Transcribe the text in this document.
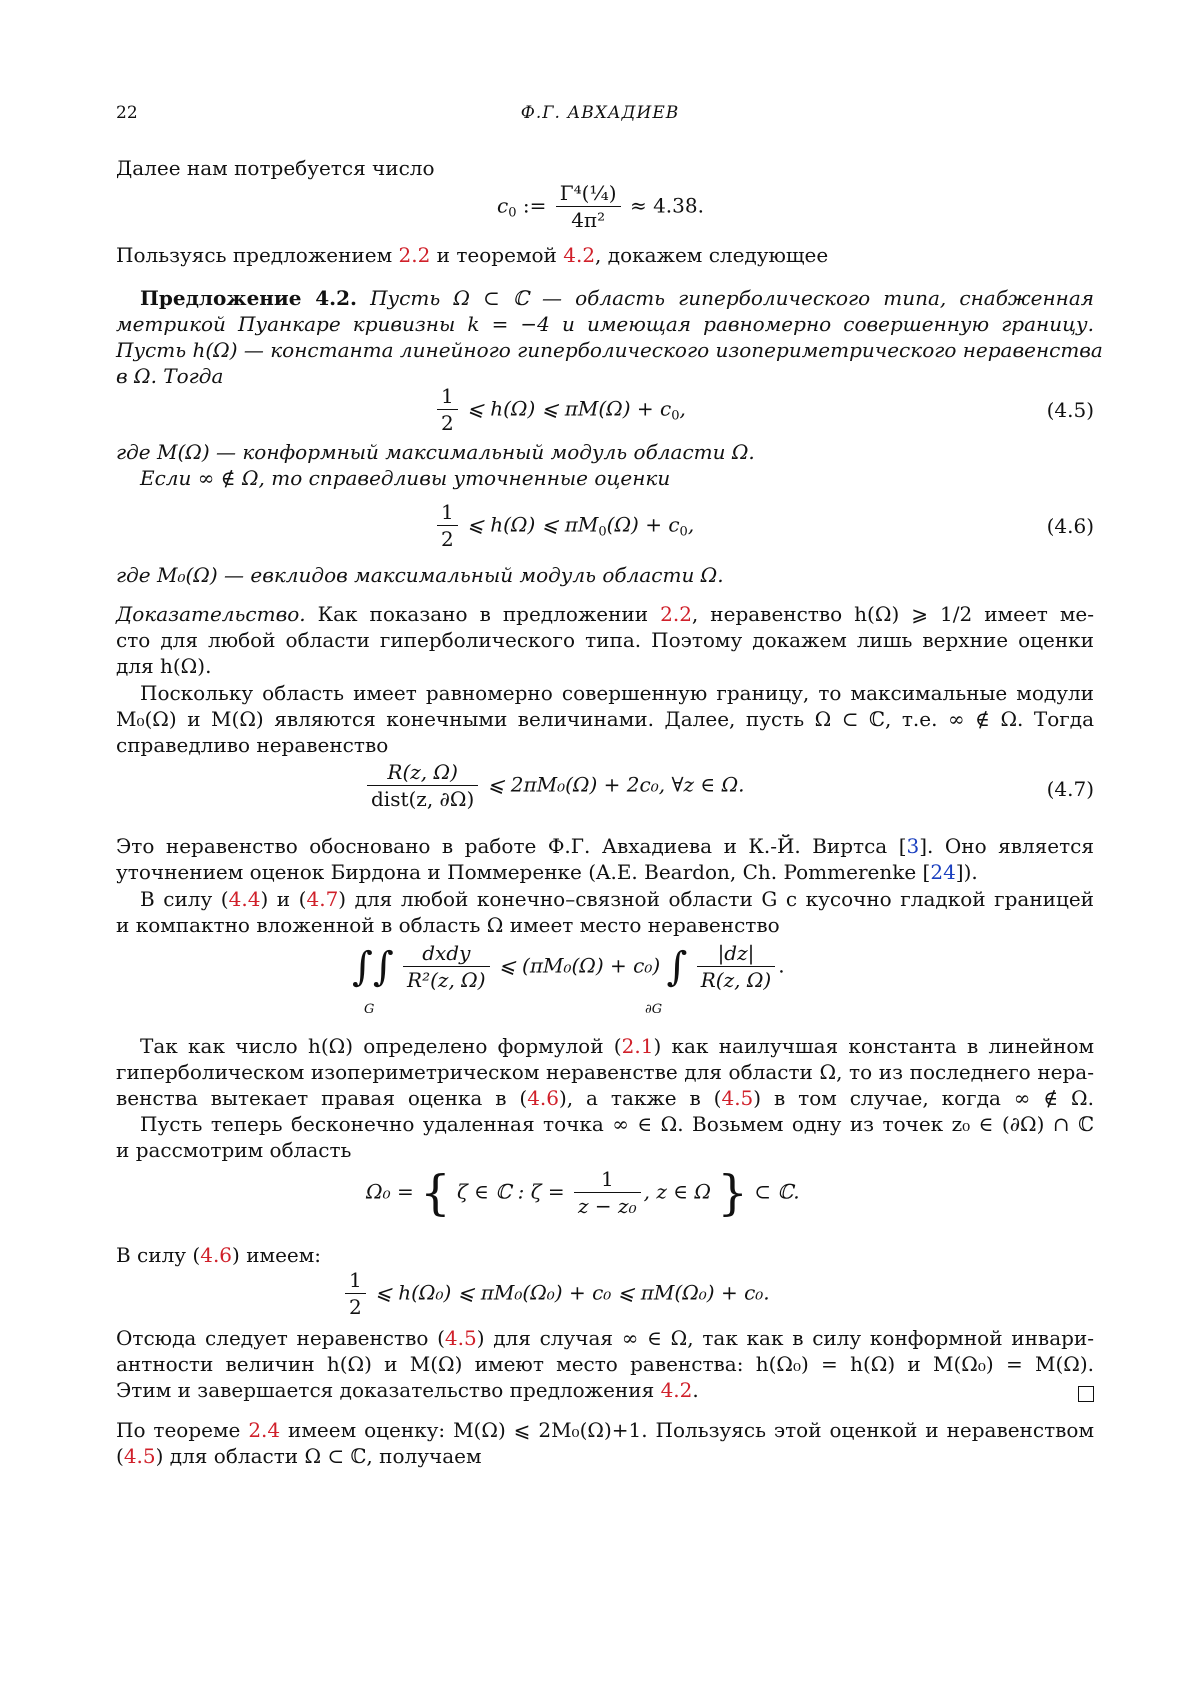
22	Ф.Г. АВХАДИЕВ
Далее нам потребуется число
$c_0$ := $\frac{\text{Γ⁴(¼)}}{\text{4π²}} \approx 4.38$.
Пользуясь предложением 2.2 и теоремой 4.2, докажем следующее
Предложение 4.2. Пусть Ω ⊂ ℂ — область гиперболического типа, снабженная
метрикой Пуанкаре кривизны k = −4 и имеющая равномерно совершенную границу.
Пусть h(Ω) — константа линейного гиперболического изопериметрического неравенства
в Ω. Тогда
$\frac{1}{2}$ ⩽ h(Ω) ⩽ $\pi M(\Omega) + c_0$,	(4.5)
где M(Ω) — конформный максимальный модуль области Ω.
Если ∞ ∉ Ω, то справедливы уточненные оценки
$\frac{1}{2}$ ⩽ h(Ω) ⩽ $\pi M_0(\Omega) + c_0$,	(4.6)
где M₀(Ω) — евклидов максимальный модуль области Ω.
Доказательство. Как показано в предложении 2.2, неравенство h(Ω) ⩾ 1/2 имеет ме-
сто для любой области гиперболического типа. Поэтому докажем лишь верхние оценки
для h(Ω).
Поскольку область имеет равномерно совершенную границу, то максимальные модули
M₀(Ω) и M(Ω) являются конечными величинами. Далее, пусть Ω ⊂ ℂ, т.е. ∞ ∉ Ω. Тогда
справедливо неравенство
$\frac{R(z, \Omega)}{\text{dist(z, ∂Ω)}}$ ⩽ 2πM₀(Ω) + 2c₀, ∀z ∈ Ω.	(4.7)
Это неравенство обосновано в работе Ф.Г. Авхадиева и К.-Й. Виртса [3]. Оно является
уточнением оценок Бирдона и Поммеренке (A.E. Beardon, Ch. Pommerenke [24]).
В силу (4.4) и (4.7) для любой конечно–связной области G с кусочно гладкой границей
и компактно вложенной в область Ω имеет место неравенство
∫∫ $\frac{\text{dxdy}}{\text{R²(z, Ω)}}$ ⩽ (πM₀(Ω) + c₀) ∫ $\frac{|dz|}{R(z, \Omega)}$ .
G	∂G
Так как число h(Ω) определено формулой (2.1) как наилучшая константа в линейном
гиперболическом изопериметрическом неравенстве для области Ω, то из последнего нера-
венства вытекает правая оценка в (4.6), а также в (4.5) в том случае, когда ∞ ∉ Ω.
Пусть теперь бесконечно удаленная точка ∞ ∈ Ω. Возьмем одну из точек z₀ ∈ (∂Ω) ∩ ℂ
и рассмотрим область
Ω₀ = { ζ ∈ ℂ : $\zeta = \frac{1}{\text{z − z₀}}$ , z ∈ Ω } ⊂ ℂ.
В силу (4.6) имеем:
$\frac{1}{2}$ ⩽ h(Ω₀) ⩽ πM₀(Ω₀) + c₀ ⩽ πM(Ω₀) + c₀.
Отсюда следует неравенство (4.5) для случая ∞ ∈ Ω, так как в силу конформной инвари-
антности величин h(Ω) и M(Ω) имеют место равенства: h(Ω₀) = h(Ω) и M(Ω₀) = M(Ω).
Этим и завершается доказательство предложения 4.2.
По теореме 2.4 имеем оценку: M(Ω) ⩽ 2M₀(Ω)+1. Пользуясь этой оценкой и неравенством
(4.5) для области Ω ⊂ ℂ, получаем
